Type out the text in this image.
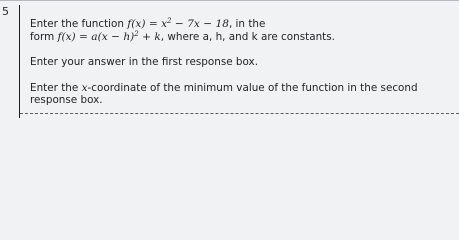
5

Enter the function $f(x) = x^2 - 7x - 18$, in the
form $f(x) = a(x - h)^2 + k$, where a, h, and k are constants.

Enter your answer in the first response box.

Enter the x-coordinate of the minimum value of the function in the second response box.
